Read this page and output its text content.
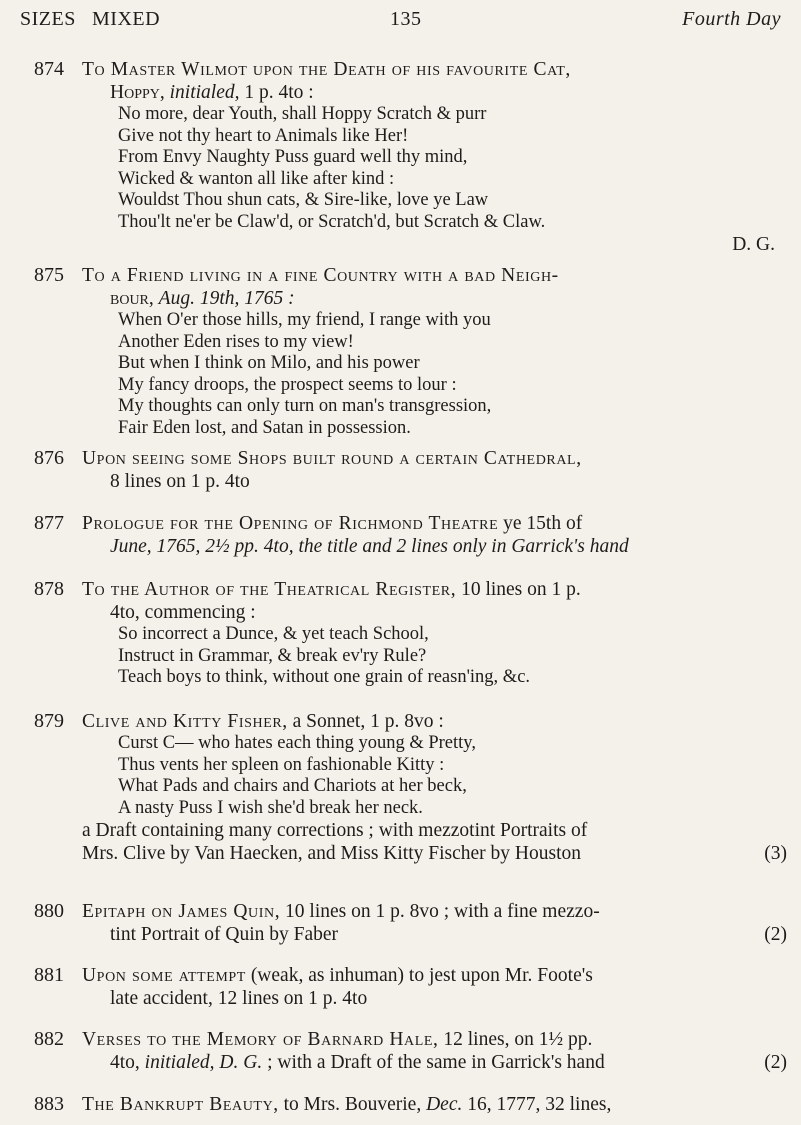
SIZES MIXED	135	Fourth Day
874 To Master Wilmot upon the Death of his favourite Cat,
Hoppy, initialed, 1 p. 4to :
No more, dear Youth, shall Hoppy Scratch & purr
Give not thy heart to Animals like Her!
From Envy Naughty Puss guard well thy mind,
Wicked & wanton all like after kind :
Wouldst Thou shun cats, & Sire-like, love ye Law
Thou'lt ne'er be Claw'd, or Scratch'd, but Scratch & Claw.
D. G.
875 To a Friend living in a fine Country with a bad Neigh-
bour, Aug. 19th, 1765 :
When O'er those hills, my friend, I range with you
Another Eden rises to my view!
But when I think on Milo, and his power
My fancy droops, the prospect seems to lour :
My thoughts can only turn on man's transgression,
Fair Eden lost, and Satan in possession.
876 Upon seeing some Shops built round a certain Cathedral,
8 lines on 1 p. 4to
877 Prologue for the Opening of Richmond Theatre ye 15th of
June, 1765, 2½ pp. 4to, the title and 2 lines only in Garrick's hand
878 To the Author of the Theatrical Register, 10 lines on 1 p.
4to, commencing :
So incorrect a Dunce, & yet teach School,
Instruct in Grammar, & break ev'ry Rule?
Teach boys to think, without one grain of reasn'ing, &c.
879 Clive and Kitty Fisher, a Sonnet, 1 p. 8vo :
Curst C— who hates each thing young & Pretty,
Thus vents her spleen on fashionable Kitty :
What Pads and chairs and Chariots at her beck,
A nasty Puss I wish she'd break her neck.
a Draft containing many corrections ; with mezzotint Portraits of
Mrs. Clive by Van Haecken, and Miss Kitty Fischer by Houston	(3)
880 Epitaph on James Quin, 10 lines on 1 p. 8vo ; with a fine mezzo-
tint Portrait of Quin by Faber	(2)
881 Upon some attempt (weak, as inhuman) to jest upon Mr. Foote's
late accident, 12 lines on 1 p. 4to
882 Verses to the Memory of Barnard Hale, 12 lines, on 1½ pp.
4to, initialed, D. G. ; with a Draft of the same in Garrick's hand	(2)
883 The Bankrupt Beauty, to Mrs. Bouverie, Dec. 16, 1777, 32 lines,
